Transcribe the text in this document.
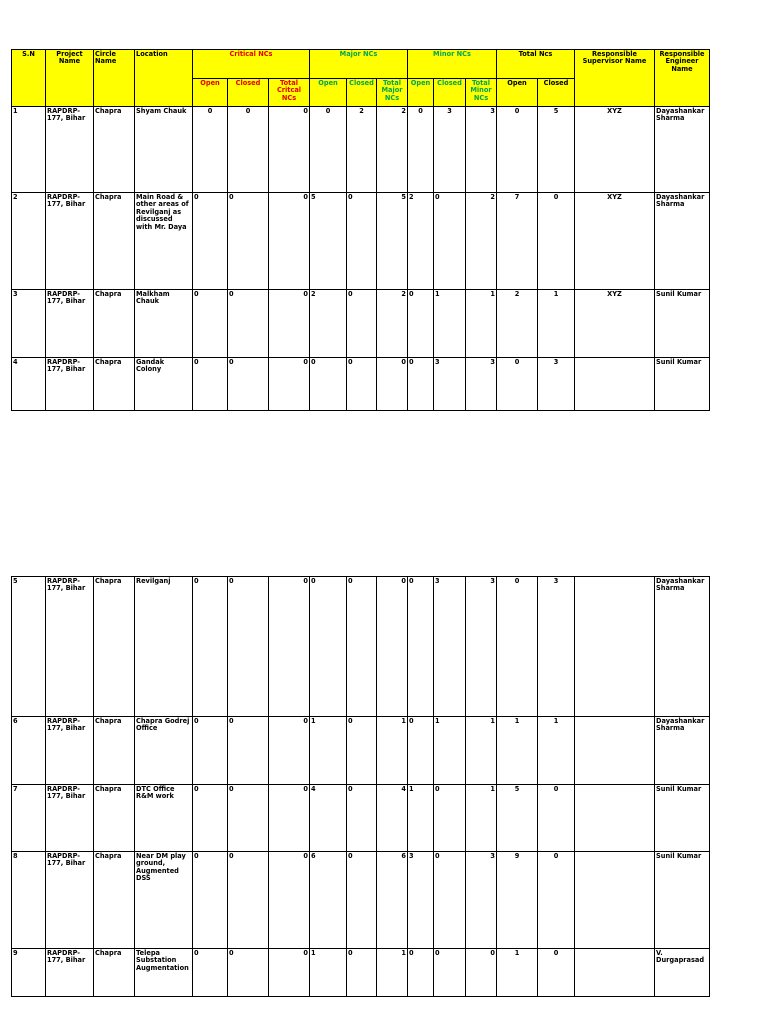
S.N	Project Name	Circle Name	Location	Critical NCs			Major NCs			Minor NCs			Total Ncs		Responsible Supervisor Name	Responsible Engineer Name
				Open	Closed	Total Critcal NCs	Open	Closed	Total Major NCs	Open	Closed	Total Minor NCs	Open	Closed		
1	RAPDRP-177, Bihar	Chapra	Shyam Chauk	0	0	0	0	2	2	0	3	3	0	5	XYZ	Dayashankar Sharma
2	RAPDRP-177, Bihar	Chapra	Main Road & other areas of Revilganj as discussed with Mr. Daya	0	0	0	5	0	5	2	0	2	7	0	XYZ	Dayashankar Sharma
3	RAPDRP-177, Bihar	Chapra	Malkham Chauk	0	0	0	2	0	2	0	1	1	2	1	XYZ	Sunil Kumar
4	RAPDRP-177, Bihar	Chapra	Gandak Colony	0	0	0	0	0	0	0	3	3	0	3		Sunil Kumar
5	RAPDRP-177, Bihar	Chapra	Revilganj	0	0	0	0	0	0	0	3	3	0	3		Dayashankar Sharma
6	RAPDRP-177, Bihar	Chapra	Chapra Godrej Office	0	0	0	1	0	1	0	1	1	1	1		Dayashankar Sharma
7	RAPDRP-177, Bihar	Chapra	DTC Office R&M work	0	0	0	4	0	4	1	0	1	5	0		Sunil Kumar
8	RAPDRP-177, Bihar	Chapra	Near DM play ground, Augmented DSS	0	0	0	6	0	6	3	0	3	9	0		Sunil Kumar
9	RAPDRP-177, Bihar	Chapra	Telepa Substation Augmentation	0	0	0	1	0	1	0	0	0	1	0		V. Durgaprasad
